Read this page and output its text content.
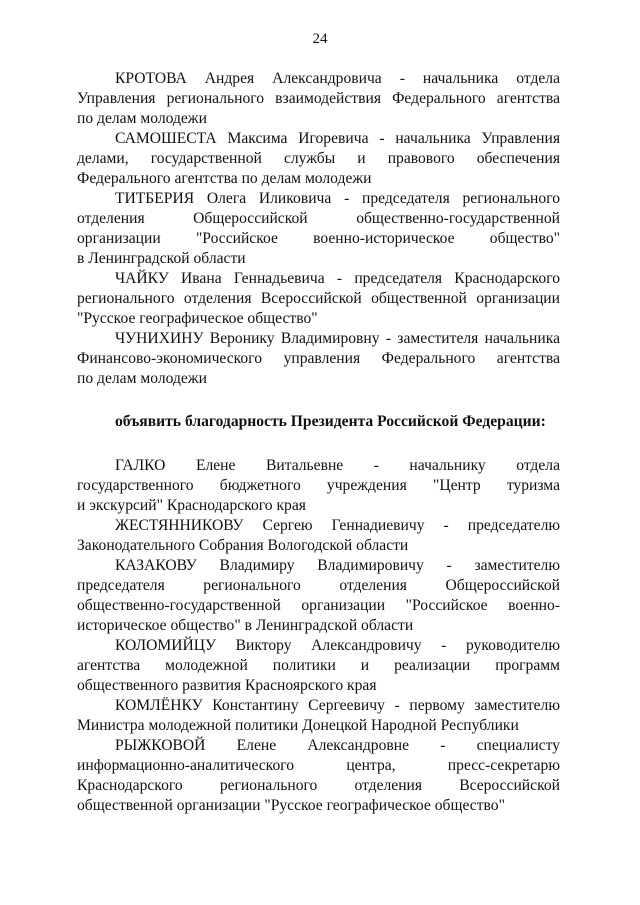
24
КРОТОВА Андрея Александровича - начальника отдела
Управления регионального взаимодействия Федерального агентства
по делам молодежи
САМОШЕСТА Максима Игоревича - начальника Управления
делами, государственной службы и правового обеспечения
Федерального агентства по делам молодежи
ТИТБЕРИЯ Олега Иликовича - председателя регионального
отделения Общероссийской общественно-государственной
организации "Российское военно-историческое общество"
в Ленинградской области
ЧАЙКУ Ивана Геннадьевича - председателя Краснодарского
регионального отделения Всероссийской общественной организации
"Русское географическое общество"
ЧУНИХИНУ Веронику Владимировну - заместителя начальника
Финансово-экономического управления Федерального агентства
по делам молодежи
объявить благодарность Президента Российской Федерации:
ГАЛКО Елене Витальевне - начальнику отдела
государственного бюджетного учреждения "Центр туризма
и экскурсий" Краснодарского края
ЖЕСТЯННИКОВУ Сергею Геннадиевичу - председателю
Законодательного Собрания Вологодской области
КАЗАКОВУ Владимиру Владимировичу - заместителю
председателя регионального отделения Общероссийской
общественно-государственной организации "Российское военно-
историческое общество" в Ленинградской области
КОЛОМИЙЦУ Виктору Александровичу - руководителю
агентства молодежной политики и реализации программ
общественного развития Красноярского края
КОМЛЁНКУ Константину Сергеевичу - первому заместителю
Министра молодежной политики Донецкой Народной Республики
РЫЖКОВОЙ Елене Александровне - специалисту
информационно-аналитического центра, пресс-секретарю
Краснодарского регионального отделения Всероссийской
общественной организации "Русское географическое общество"
